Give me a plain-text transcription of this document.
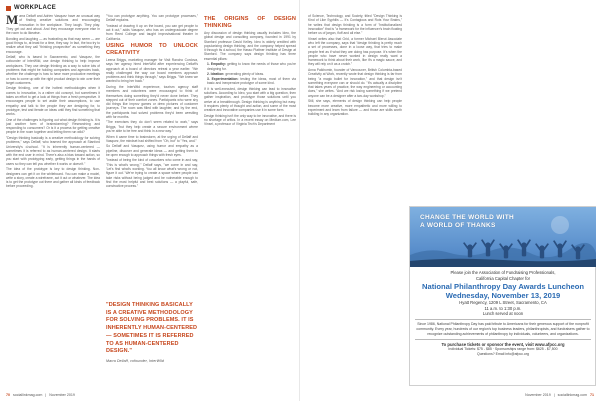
WORKPLACE

Marra Dellaff and Adrien Vasquez have an unusual way of finding creative solutions and encouraging innovation in the workplace. They laugh. They play. They get out and about. And they encourage everyone else in the room to do likewise.

Bonding and laughing — as frustrating as that may seem — are good things to, at least for a time, they say. In fact, the two try to realize what they call "thinking prospective" as something they encourage.

Dellaff, who is based in Sacramento, and Vasquez, the cofounder of InterWild, use design thinking to help improve workplaces. They use design thinking as a way to solve lots of problems that might be holding companies and agencies back, whether the challenge is how to have more productive meetings or how to come up with the right product design to win over their target customers.

Design thinking, one of the hottest methodologies when it comes to innovation, is a rather old concept, but sometimes it takes an effort to get a look at things from a fresh perspective. It encourages people to set aside their assumptions, to use empathy and talk to the people they are designing for, to prototype, test and iterate on ideas until they find something that works.

One of the challenges is figuring out what design thinking is. It is just another form of brainstorming? Researching and responding to consumers? Or is it a process for getting creative people in the room together and letting them run wild?

"Design thinking basically is a creative methodology for solving problems," says Dellaff, who learned the approach at Stanford University's d.school. "It is inherently human-centered — sometimes it is referred to as human-centered design. It starts with the end user in mind. There's also a bias toward action, so you start with prototyping early, getting things in the hands of users so they can tell you whether it works or doesn't."

The idea of the prototype is key to design thinking. Non-designers can get it on the whiteboard. You can make a model, write a story, create a wireframe, act it out or whatever. The idea is to get the prototype out there and gather all kinds of feedback before proceeding.

"You can prototype anything. You can prototype processes," Dellaff explains.

"Instead of drawing it up on the board, you can get people to act it out," adds Vasquez, who has an undergraduate degree from Reed College and taught improvisational theater in California.

USING HUMOR TO UNLOCK CREATIVITY

Leena Briggs, marketing manager for Visit Rancho Cordova, says her agency hired InterWild after experiencing Dellaff's approach at a board of directors retreat a year earlier. "We really challenged the way our board members approach problems and think things through," says Briggs. "We knew we wanted to bring her back."

During the InterWild experience, tourism agency staff members and volunteers were encouraged to think of themselves doing something they'd never done before. They stepped out of their comfort zones. Participants who were shy did things like improv games or drew pictures of customer journeys. The room was filled with laughter, and by the end, the participants had solved problems they'd been wrestling with for months.

"The exercises they do don't seem related to work," says Briggs, "but they help create a secure environment where you're able to be free and think in a new way."

When it came time to brainstorm, at the urging of Dellaff and Vasquez, the mindset had shifted from "Oh, but" to "Yes, and."

So Dellaff and Vasquez, using humor and empathy as a pipeline, discover and generate ideas — and getting them to be open enough to approach things with fresh eyes.

"Instead of being the kind of coworkers who come in and say, 'This is what's wrong,'" Dellaff says, "we come in and say, 'Let's find what's working. You all know what's wrong or not, figure it out.' We're trying to create a space where people can take risks without being judged and be vulnerable enough to find the most helpful and best solutions — a playful, safe, constructive process."

"DESIGN THINKING BASICALLY IS A CREATIVE METHODOLOGY FOR SOLVING PROBLEMS. IT IS INHERENTLY HUMAN-CENTERED — SOMETIMES IT IS REFERRED TO AS HUMAN-CENTERED DESIGN."
Marra Dellaff, cofounder, InterWild
THE ORIGINS OF DESIGN THINKING

Any discussion of design thinking usually includes Ideo, the global design and consulting company, founded in 1991 by Stanford professor David Kelley. Ideo is widely credited with popularizing design thinking, and the company helped spread it through its d.school, the Hasso Plattner Institute of Design at Stanford. The company says design thinking has three essential pillars:

1. Empathy: getting to know the needs of those who you're designing for.
2. Ideation: generating plenty of ideas.
3. Experimentation: testing the ideas, most of them via basic and inexpensive prototype of some kind.

If it is well-executed, design thinking can lead to innovative solutions. According to Ideo, you start with a big question, then gather inspiration, and prototype those solutions until you arrive at a breakthrough. Design thinking is anything but easy. It requires plenty of thought and action, and some of the most creative and innovative companies use it in some form.

Design thinking isn't the only way to be innovative, and there is no shortage of critics. In a recent essay on Medium.com, Lee Vinsel, a professor of Virginia Tech's Department

70 sociallinkmag.com | November 2019

of Science, Technology, and Society, titled "Design Thinking is Kind of Like Syphilis — It's Contagious and Rots Your Brains," he writes that design thinking is a form of "institutionalized innovation" that is "a framework for the influencer's brain floating before us of jargon, fluff and all else."

Vinsel writes also that Grid, a former Michael Bierut Associate who left the company, says that "design thinking is pretty much a set of processes, done in a loose way, that tries to make people feel as if what they are doing has purpose. It's when the people who have never worked in design really want a framework to think about their work, like it's a magic sauce, and they will rely on it as a crutch."

Anna Paikhomin, founder of Vancouver, British Columbia-based Creativity at Work, recently wrote that design thinking is far from being "a magic bullet for innovation," and that design isn't something everyone can or should do. "It's actually a discipline that takes years of practice, the way engineering or accounting does," she writes. "And we risk losing something if we pretend anyone can be a designer after a two-day workshop."

Still, she says, elements of design thinking can help people become more creative, more empathetic and more willing to experiment and learn from failure — and those are skills worth building in any organization.

CHANGE THE WORLD WITH A WORLD OF THANKS
Please join the Association of Fundraising Professionals,
California Capital Chapter for
National Philanthropy Day Awards Luncheon
Wednesday, November 13, 2019
Hyatt Regency, 1209 L Street, Sacramento, CA
11 a.m. to 1:30 p.m.
Lunch served at noon
Since 1986, National Philanthropy Day has paid tribute to Americans for their generous support of the nonprofit community. Every year, hundreds of our region's top business leaders, philanthropists, and fundraisers gather to recognize outstanding achievements of philanthropy by individuals, volunteers, and organizations.
To purchase tickets or sponsor the event, visit www.afpcc.org
Individual Tickets: $75 - $85 · Sponsorships range from: $625 - $7,500
Questions? Email info@afpcc.org
November 2019 | sociallinkmag.com 71
